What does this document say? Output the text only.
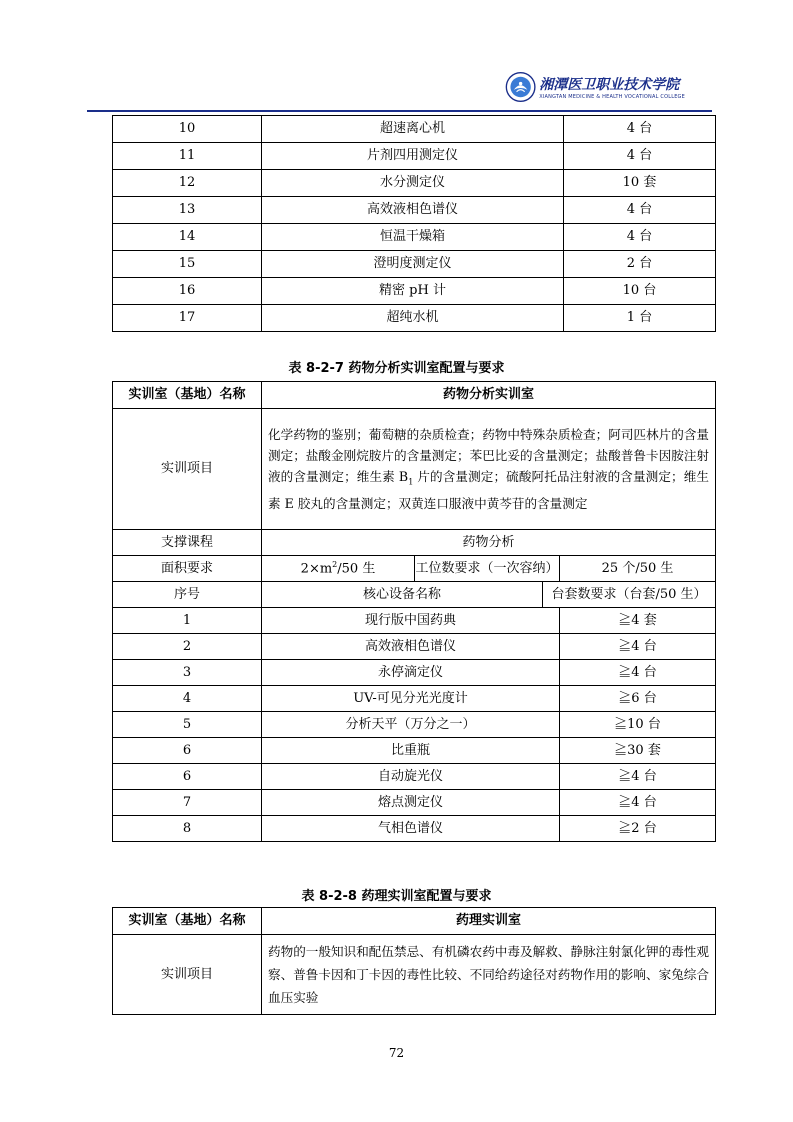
湘潭医卫职业技术学院
XIANGTAN MEDICINE & HEALTH VOCATIONAL COLLEGE
10	超速离心机	4 台
11	片剂四用测定仪	4 台
12	水分测定仪	10 套
13	高效液相色谱仪	4 台
14	恒温干燥箱	4 台
15	澄明度测定仪	2 台
16	精密 pH 计	10 台
17	超纯水机	1 台
表 8-2-7 药物分析实训室配置与要求
实训室（基地）名称	药物分析实训室			
实训项目	化学药物的鉴别；葡萄糖的杂质检查；药物中特殊杂质检查；阿司匹林片的含量测定；盐酸金刚烷胺片的含量测定；苯巴比妥的含量测定；盐酸普鲁卡因胺注射液的含量测定；维生素 $B_1$ 片的含量测定；硫酸阿托品注射液的含量测定；维生素 E 胶丸的含量测定；双黄连口服液中黄芩苷的含量测定			
支撑课程	药物分析			
面积要求	$2\times m^2/50$ 生	工位数要求（一次容纳）		25 个/50 生
序号	核心设备名称		台套数要求（台套/50 生）	
1	现行版中国药典			≧4 套
2	高效液相色谱仪			≧4 台
3	永停滴定仪			≧4 台
4	UV-可见分光光度计			≧6 台
5	分析天平（万分之一）			≧10 台
6	比重瓶			≧30 套
6	自动旋光仪			≧4 台
7	熔点测定仪			≧4 台
8	气相色谱仪			≧2 台
表 8-2-8 药理实训室配置与要求
实训室（基地）名称	药理实训室
实训项目	药物的一般知识和配伍禁忌、有机磷农药中毒及解救、静脉注射氯化钾的毒性观察、普鲁卡因和丁卡因的毒性比较、不同给药途径对药物作用的影响、家兔综合血压实验
72
